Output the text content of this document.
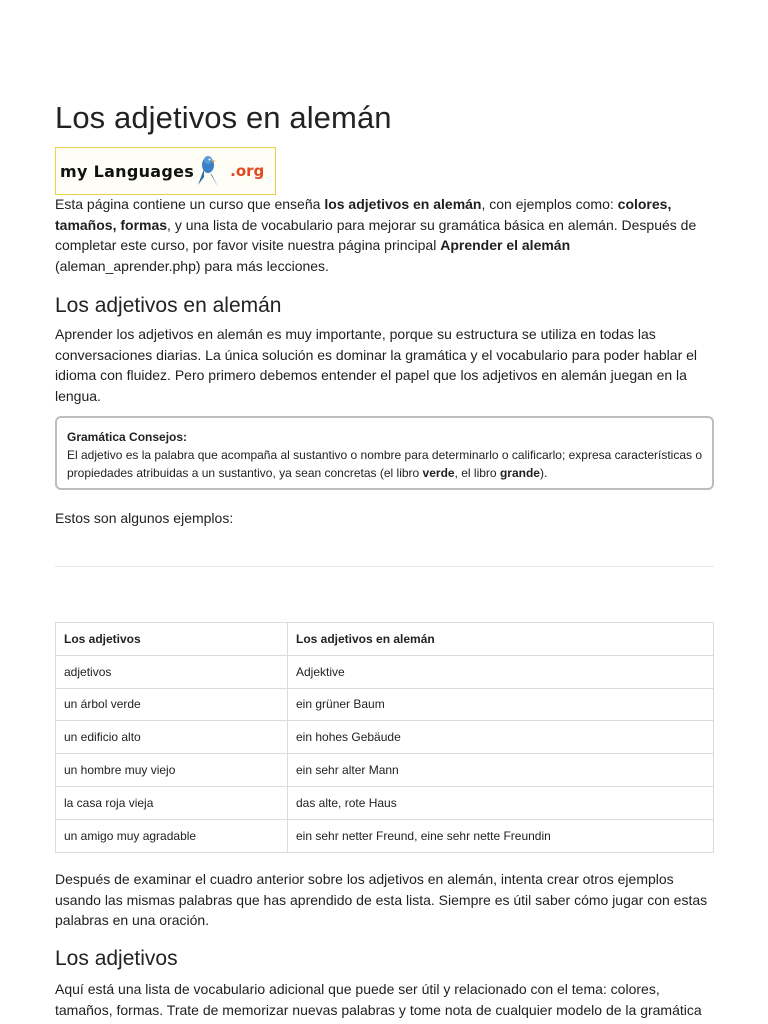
Los adjetivos en alemán
my Languages .org

Esta página contiene un curso que enseña los adjetivos en alemán, con ejemplos como: colores, tamaños, formas, y una lista de vocabulario para mejorar su gramática básica en alemán. Después de completar este curso, por favor visite nuestra página principal Aprender el alemán (aleman_aprender.php) para más lecciones.

Los adjetivos en alemán

Aprender los adjetivos en alemán es muy importante, porque su estructura se utiliza en todas las conversaciones diarias. La única solución es dominar la gramática y el vocabulario para poder hablar el idioma con fluidez. Pero primero debemos entender el papel que los adjetivos en alemán juegan en la lengua.

Gramática Consejos:
El adjetivo es la palabra que acompaña al sustantivo o nombre para determinarlo o calificarlo; expresa características o propiedades atribuidas a un sustantivo, ya sean concretas (el libro verde, el libro grande).

Estos son algunos ejemplos:

Los adjetivos	Los adjetivos en alemán
adjetivos	Adjektive
un árbol verde	ein grüner Baum
un edificio alto	ein hohes Gebäude
un hombre muy viejo	ein sehr alter Mann
la casa roja vieja	das alte, rote Haus
un amigo muy agradable	ein sehr netter Freund, eine sehr nette Freundin

Después de examinar el cuadro anterior sobre los adjetivos en alemán, intenta crear otros ejemplos usando las mismas palabras que has aprendido de esta lista. Siempre es útil saber cómo jugar con estas palabras en una oración.

Los adjetivos

Aquí está una lista de vocabulario adicional que puede ser útil y relacionado con el tema: colores, tamaños, formas. Trate de memorizar nuevas palabras y tome nota de cualquier modelo de la gramática
